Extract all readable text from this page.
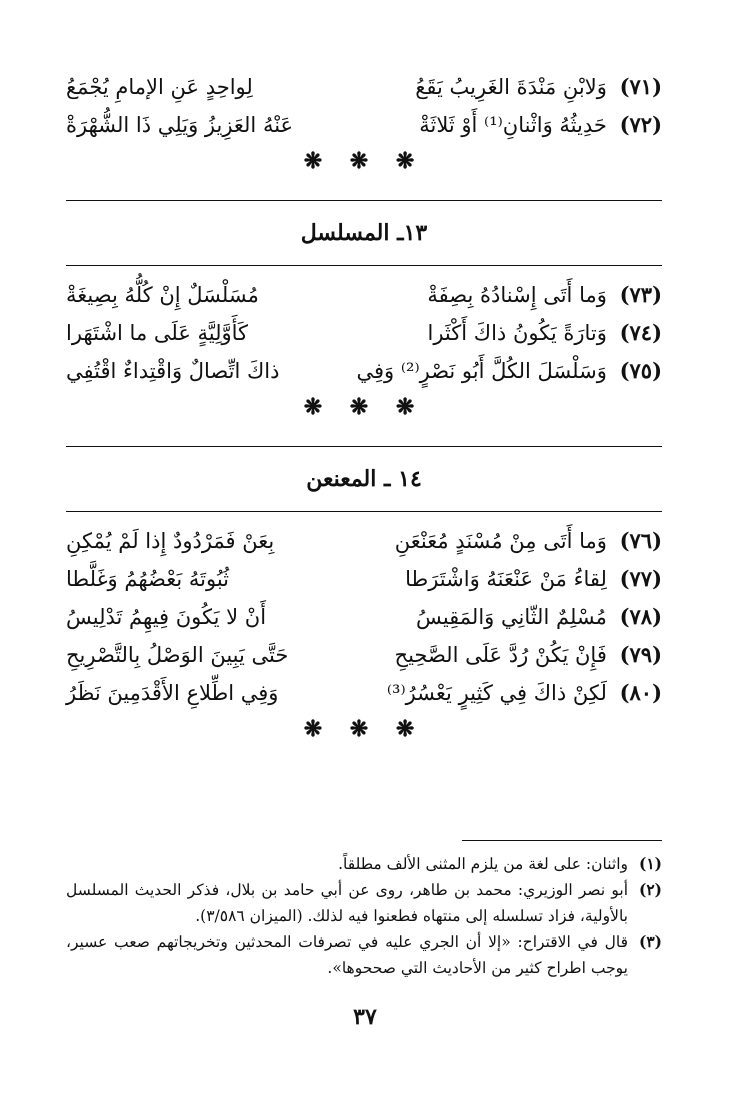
(٧١) وَلابْنِ مَنْدَةَ الغَرِيبُ يَقَعُ
لِواحِدٍ عَنِ الإمامِ يُجْمَعُ
(٧٢) حَدِيثُهُ وَاثْنانِ⁽¹⁾ أَوْ ثَلاثَةْ
عَنْهُ العَزِيزُ وَيَلِي ذَا الشُّهْرَةْ
❋ ❋ ❋
١٣ـ المسلسل
(٧٣) وَما أَتَى إِسْنادُهُ بِصِفَةْ
مُسَلْسَلٌ إِنْ كُلُّهُ بِصِيغَةْ
(٧٤) وَتارَةً يَكُونُ ذاكَ أَكْثَرا
كَأَوَّلِيَّةٍ عَلَى ما اشْتَهَرا
(٧٥) وَسَلْسَلَ الكُلَّ أَبُو نَصْرٍ⁽²⁾ وَفِي
ذاكَ اتِّصالٌ وَاقْتِداءٌ اقْتُفِي
❋ ❋ ❋
١٤ ـ المعنعن
(٧٦) وَما أَتَى مِنْ مُسْنَدٍ مُعَنْعَنِ
بِعَنْ فَمَرْدُودٌ إِذا لَمْ يُمْكِنِ
(٧٧) لِقاءُ مَنْ عَنْعَنَهُ وَاشْتَرَطا
ثُبُوتَهُ بَعْضُهُمُ وَغَلَّطا
(٧٨) مُسْلِمٌ الثّانِي وَالمَقِيسُ
أَنْ لا يَكُونَ فِيهِمُ تَدْلِيسُ
(٧٩) فَإِنْ يَكُنْ رُدَّ عَلَى الصَّحِيحِ
حَتَّى يَبِينَ الوَصْلُ بِالتَّصْرِيحِ
(٨٠) لَكِنْ ذاكَ فِي كَثِيرٍ يَعْسُرُ⁽³⁾
وَفِي اطِّلاعِ الأَقْدَمِينَ نَظَرُ
❋ ❋ ❋
(١)
واثنان: على لغة من يلزم المثنى الألف مطلقاً.
(٢)
أبو نصر الوزيري: محمد بن طاهر، روى عن أبي حامد بن بلال، فذكر الحديث المسلسل بالأولية، فزاد تسلسله إلى منتهاه فطعنوا فيه لذلك. (الميزان ٣/٥٨٦).
(٣)
قال في الاقتراح: «إلا أن الجري عليه في تصرفات المحدثين وتخريجاتهم صعب عسير، يوجب اطراح كثير من الأحاديث التي صححوها».
٣٧
